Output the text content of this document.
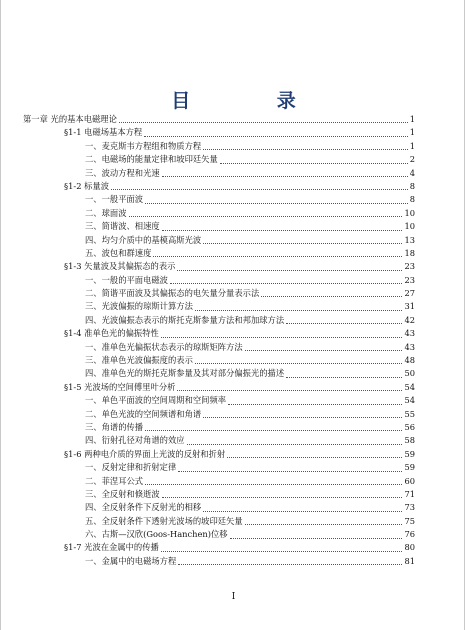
目 录
第一章 光的基本电磁理论	1
§1-1 电磁场基本方程	1
一、麦克斯韦方程组和物质方程	1
二、电磁场的能量定律和坡印廷矢量	2
三、波动方程和光速	4
§1-2 标量波	8
一、一般平面波	8
二、球面波	10
三、简谐波、相速度	10
四、均匀介质中的基模高斯光波	13
五、波包和群速度	18
§1-3 矢量波及其偏振态的表示	23
一、一般的平面电磁波	23
二、简谐平面波及其偏振态的电矢量分量表示法	27
三、光波偏振的琼斯计算方法	31
四、光波偏振态表示的斯托克斯参量方法和邦加球方法	42
§1-4 准单色光的偏振特性	43
一、准单色光偏振状态表示的琼斯矩阵方法	43
三、准单色光波偏振度的表示	48
四、准单色光的斯托克斯参量及其对部分偏振光的描述	50
§1-5 光波场的空间傅里叶分析	54
一、单色平面波的空间周期和空间频率	54
二、单色光波的空间频谱和角谱	55
三、角谱的传播	56
四、衍射孔径对角谱的效应	58
§1-6 两种电介质的界面上光波的反射和折射	59
一、反射定律和折射定律	59
二、菲涅耳公式	60
三、全反射和倏逝波	71
四、全反射条件下反射光的相移	73
五、全反射条件下透射光波场的坡印廷矢量	75
六、古斯—汉欣(Goos-Hanchen)位移	76
§1-7 光波在金属中的传播	80
一、金属中的电磁场方程	81
I
